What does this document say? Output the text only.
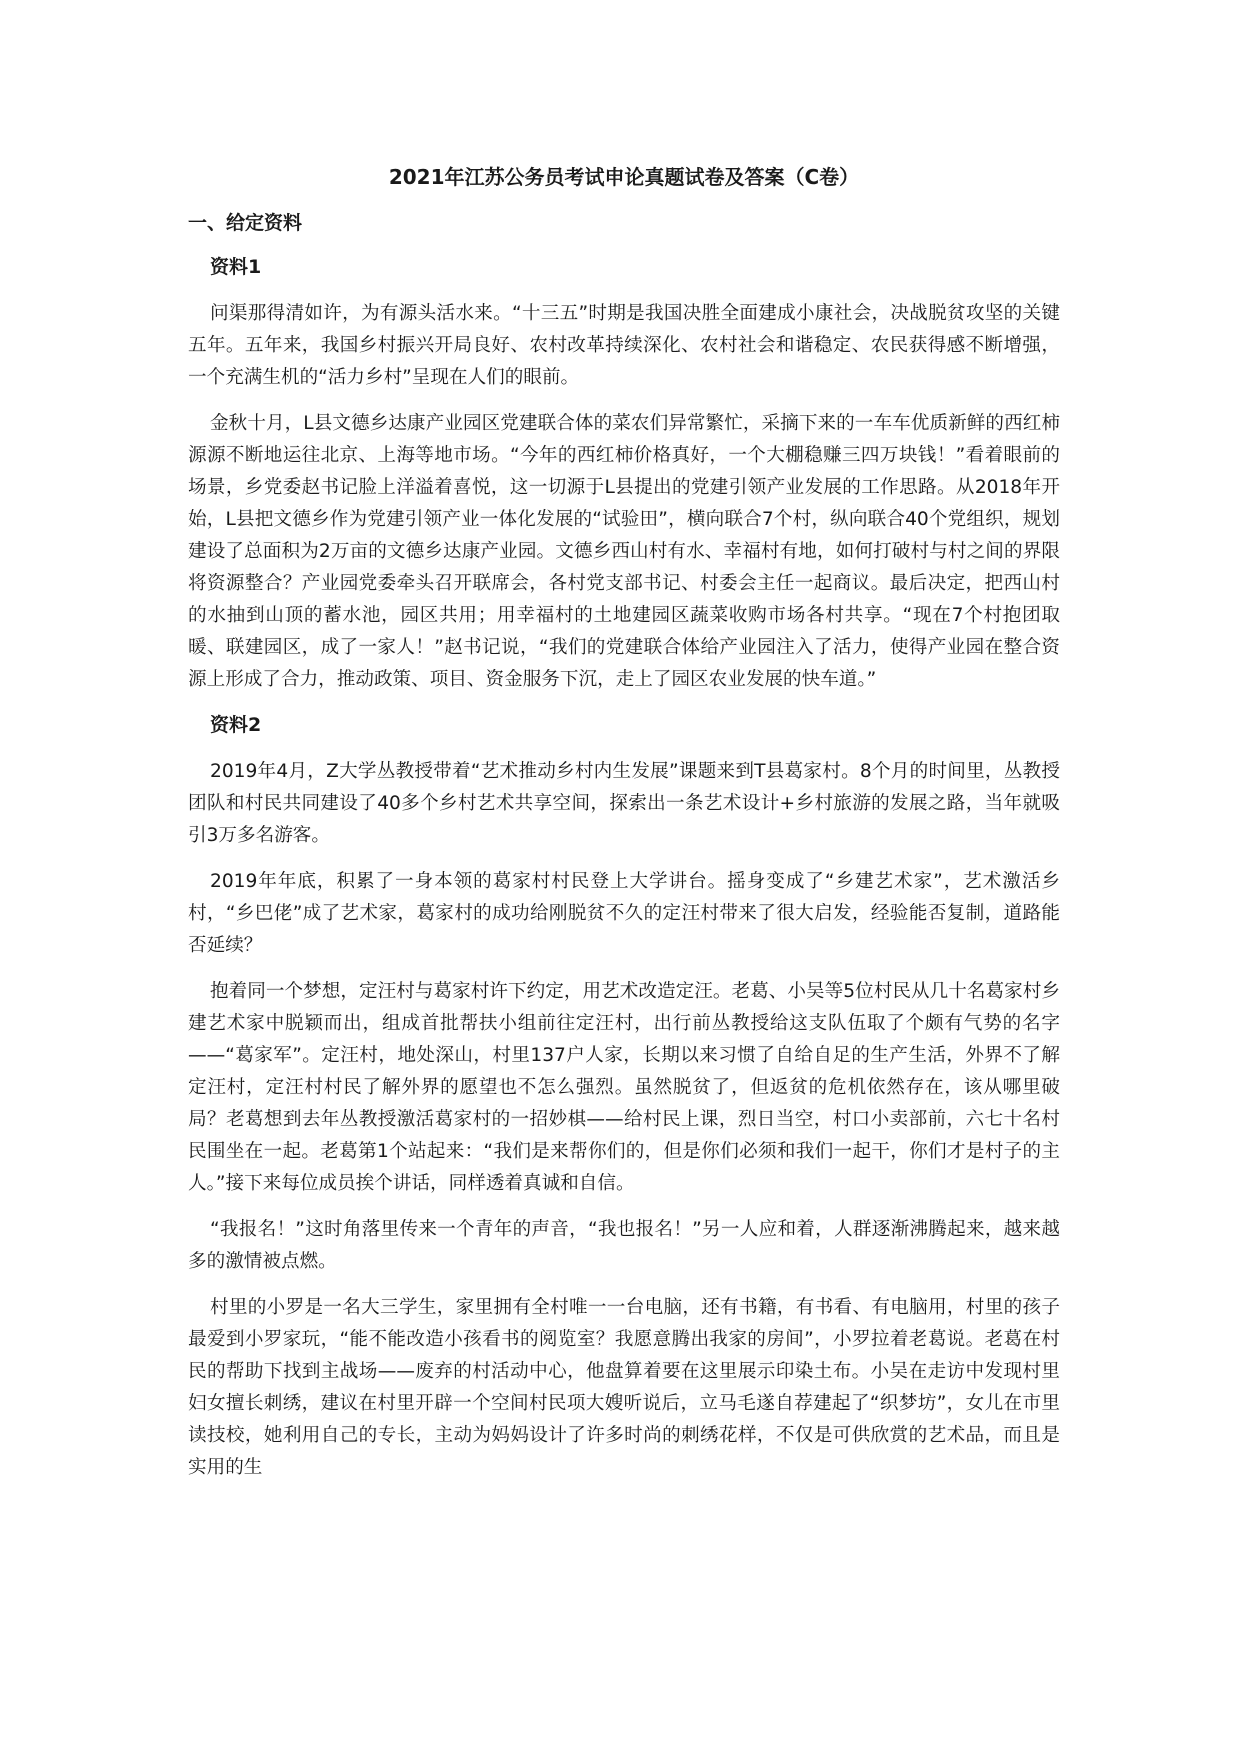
2021年江苏公务员考试申论真题试卷及答案（C卷）
一、给定资料
资料1

问渠那得清如许，为有源头活水来。“十三五”时期是我国决胜全面建成小康社会，决战脱贫攻坚的关键五年。五年来，我国乡村振兴开局良好、农村改革持续深化、农村社会和谐稳定、农民获得感不断增强，一个充满生机的“活力乡村”呈现在人们的眼前。

金秋十月，L县文德乡达康产业园区党建联合体的菜农们异常繁忙，采摘下来的一车车优质新鲜的西红柿源源不断地运往北京、上海等地市场。“今年的西红柿价格真好，一个大棚稳赚三四万块钱！”看着眼前的场景，乡党委赵书记脸上洋溢着喜悦，这一切源于L县提出的党建引领产业发展的工作思路。从2018年开始，L县把文德乡作为党建引领产业一体化发展的“试验田”，横向联合7个村，纵向联合40个党组织，规划建设了总面积为2万亩的文德乡达康产业园。文德乡西山村有水、幸福村有地，如何打破村与村之间的界限将资源整合？产业园党委牵头召开联席会，各村党支部书记、村委会主任一起商议。最后决定，把西山村的水抽到山顶的蓄水池，园区共用；用幸福村的土地建园区蔬菜收购市场各村共享。“现在7个村抱团取暖、联建园区，成了一家人！”赵书记说，“我们的党建联合体给产业园注入了活力，使得产业园在整合资源上形成了合力，推动政策、项目、资金服务下沉，走上了园区农业发展的快车道。”

资料2

2019年4月，Z大学丛教授带着“艺术推动乡村内生发展”课题来到T县葛家村。8个月的时间里，丛教授团队和村民共同建设了40多个乡村艺术共享空间，探索出一条艺术设计+乡村旅游的发展之路，当年就吸引3万多名游客。

2019年年底，积累了一身本领的葛家村村民登上大学讲台。摇身变成了“乡建艺术家”，艺术激活乡村，“乡巴佬”成了艺术家，葛家村的成功给刚脱贫不久的定汪村带来了很大启发，经验能否复制，道路能否延续？

抱着同一个梦想，定汪村与葛家村许下约定，用艺术改造定汪。老葛、小吴等5位村民从几十名葛家村乡建艺术家中脱颖而出，组成首批帮扶小组前往定汪村，出行前丛教授给这支队伍取了个颇有气势的名字——“葛家军”。定汪村，地处深山，村里137户人家，长期以来习惯了自给自足的生产生活，外界不了解定汪村，定汪村村民了解外界的愿望也不怎么强烈。虽然脱贫了，但返贫的危机依然存在，该从哪里破局？老葛想到去年丛教授激活葛家村的一招妙棋——给村民上课，烈日当空，村口小卖部前，六七十名村民围坐在一起。老葛第1个站起来：“我们是来帮你们的，但是你们必须和我们一起干，你们才是村子的主人。”接下来每位成员挨个讲话，同样透着真诚和自信。

“我报名！”这时角落里传来一个青年的声音，“我也报名！”另一人应和着，人群逐渐沸腾起来，越来越多的激情被点燃。

村里的小罗是一名大三学生，家里拥有全村唯一一台电脑，还有书籍，有书看、有电脑用，村里的孩子最爱到小罗家玩，“能不能改造小孩看书的阅览室？我愿意腾出我家的房间”，小罗拉着老葛说。老葛在村民的帮助下找到主战场——废弃的村活动中心，他盘算着要在这里展示印染土布。小吴在走访中发现村里妇女擅长刺绣，建议在村里开辟一个空间村民项大嫂听说后，立马毛遂自荐建起了“织梦坊”，女儿在市里读技校，她利用自己的专长，主动为妈妈设计了许多时尚的刺绣花样，不仅是可供欣赏的艺术品，而且是实用的生
